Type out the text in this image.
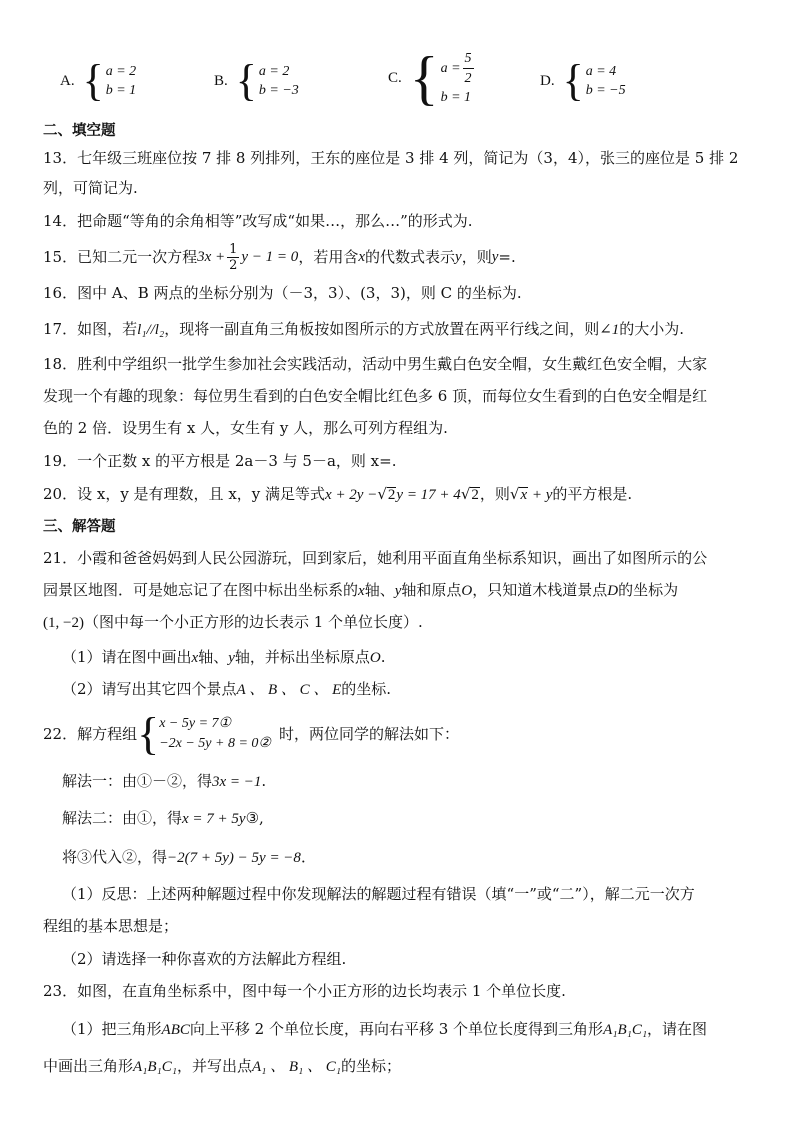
A. { a = 2
b = 1
B. { a = 2
b = −3
C. { $a = \frac{5}{2}$
b = 1
D. { a = 4
b = −5
二、填空题
13．七年级三班座位按 7 排 8 列排列，王东的座位是 3 排 4 列，简记为（3，4），张三的座位是 5 排 2
列，可简记为.
14．把命题“等角的余角相等”改写成“如果…，那么…”的形式为.
15．已知二元一次方程 $3x + \frac{1}{2}$ y − 1 = 0 ，若用含 x 的代数式表示 y ，则 y =.
16．图中 A、B 两点的坐标分别为（－3，3）、(3，3)，则 C 的坐标为.
17．如图，若l₁//l₂，现将一副直角三角板按如图所示的方式放置在两平行线之间，则∠1的大小为.
18．胜利中学组织一批学生参加社会实践活动，活动中男生戴白色安全帽，女生戴红色安全帽，大家
发现一个有趣的现象：每位男生看到的白色安全帽比红色多 6 顶，而每位女生看到的白色安全帽是红
色的 2 倍．设男生有 x 人，女生有 y 人，那么可列方程组为.
19．一个正数 x 的平方根是 2a－3 与 5－a，则 x=.
20．设 x，y 是有理数，且 x，y 满足等式x + 2y −√2y = 17 + 4√2，则√x + y的平方根是.
三、解答题
21．小霞和爸爸妈妈到人民公园游玩，回到家后，她利用平面直角坐标系知识，画出了如图所示的公
园景区地图．可是她忘记了在图中标出坐标系的x轴、y轴和原点O，只知道木栈道景点D的坐标为
(1, −2)（图中每一个小正方形的边长表示 1 个单位长度）.
（1）请在图中画出x轴、y轴，并标出坐标原点O.
（2）请写出其它四个景点A 、 B 、 C 、 E的坐标.
22．解方程组 { x − 5y = 7①
−2x − 5y + 8 = 0②
时，两位同学的解法如下：
解法一：由①－②，得3x = −1.
解法二：由①，得x = 7 + 5y③,
将③代入②，得−2(7 + 5y) − 5y = −8．
（1）反思：上述两种解题过程中你发现解法的解题过程有错误（填“一”或“二”），解二元一次方
程组的基本思想是；
（2）请选择一种你喜欢的方法解此方程组.
23．如图，在直角坐标系中，图中每一个小正方形的边长均表示 1 个单位长度.
（1）把三角形ABC向上平移 2 个单位长度，再向右平移 3 个单位长度得到三角形A₁B₁C₁，请在图
中画出三角形A₁B₁C₁，并写出点A₁ 、 B₁ 、 C₁的坐标；
